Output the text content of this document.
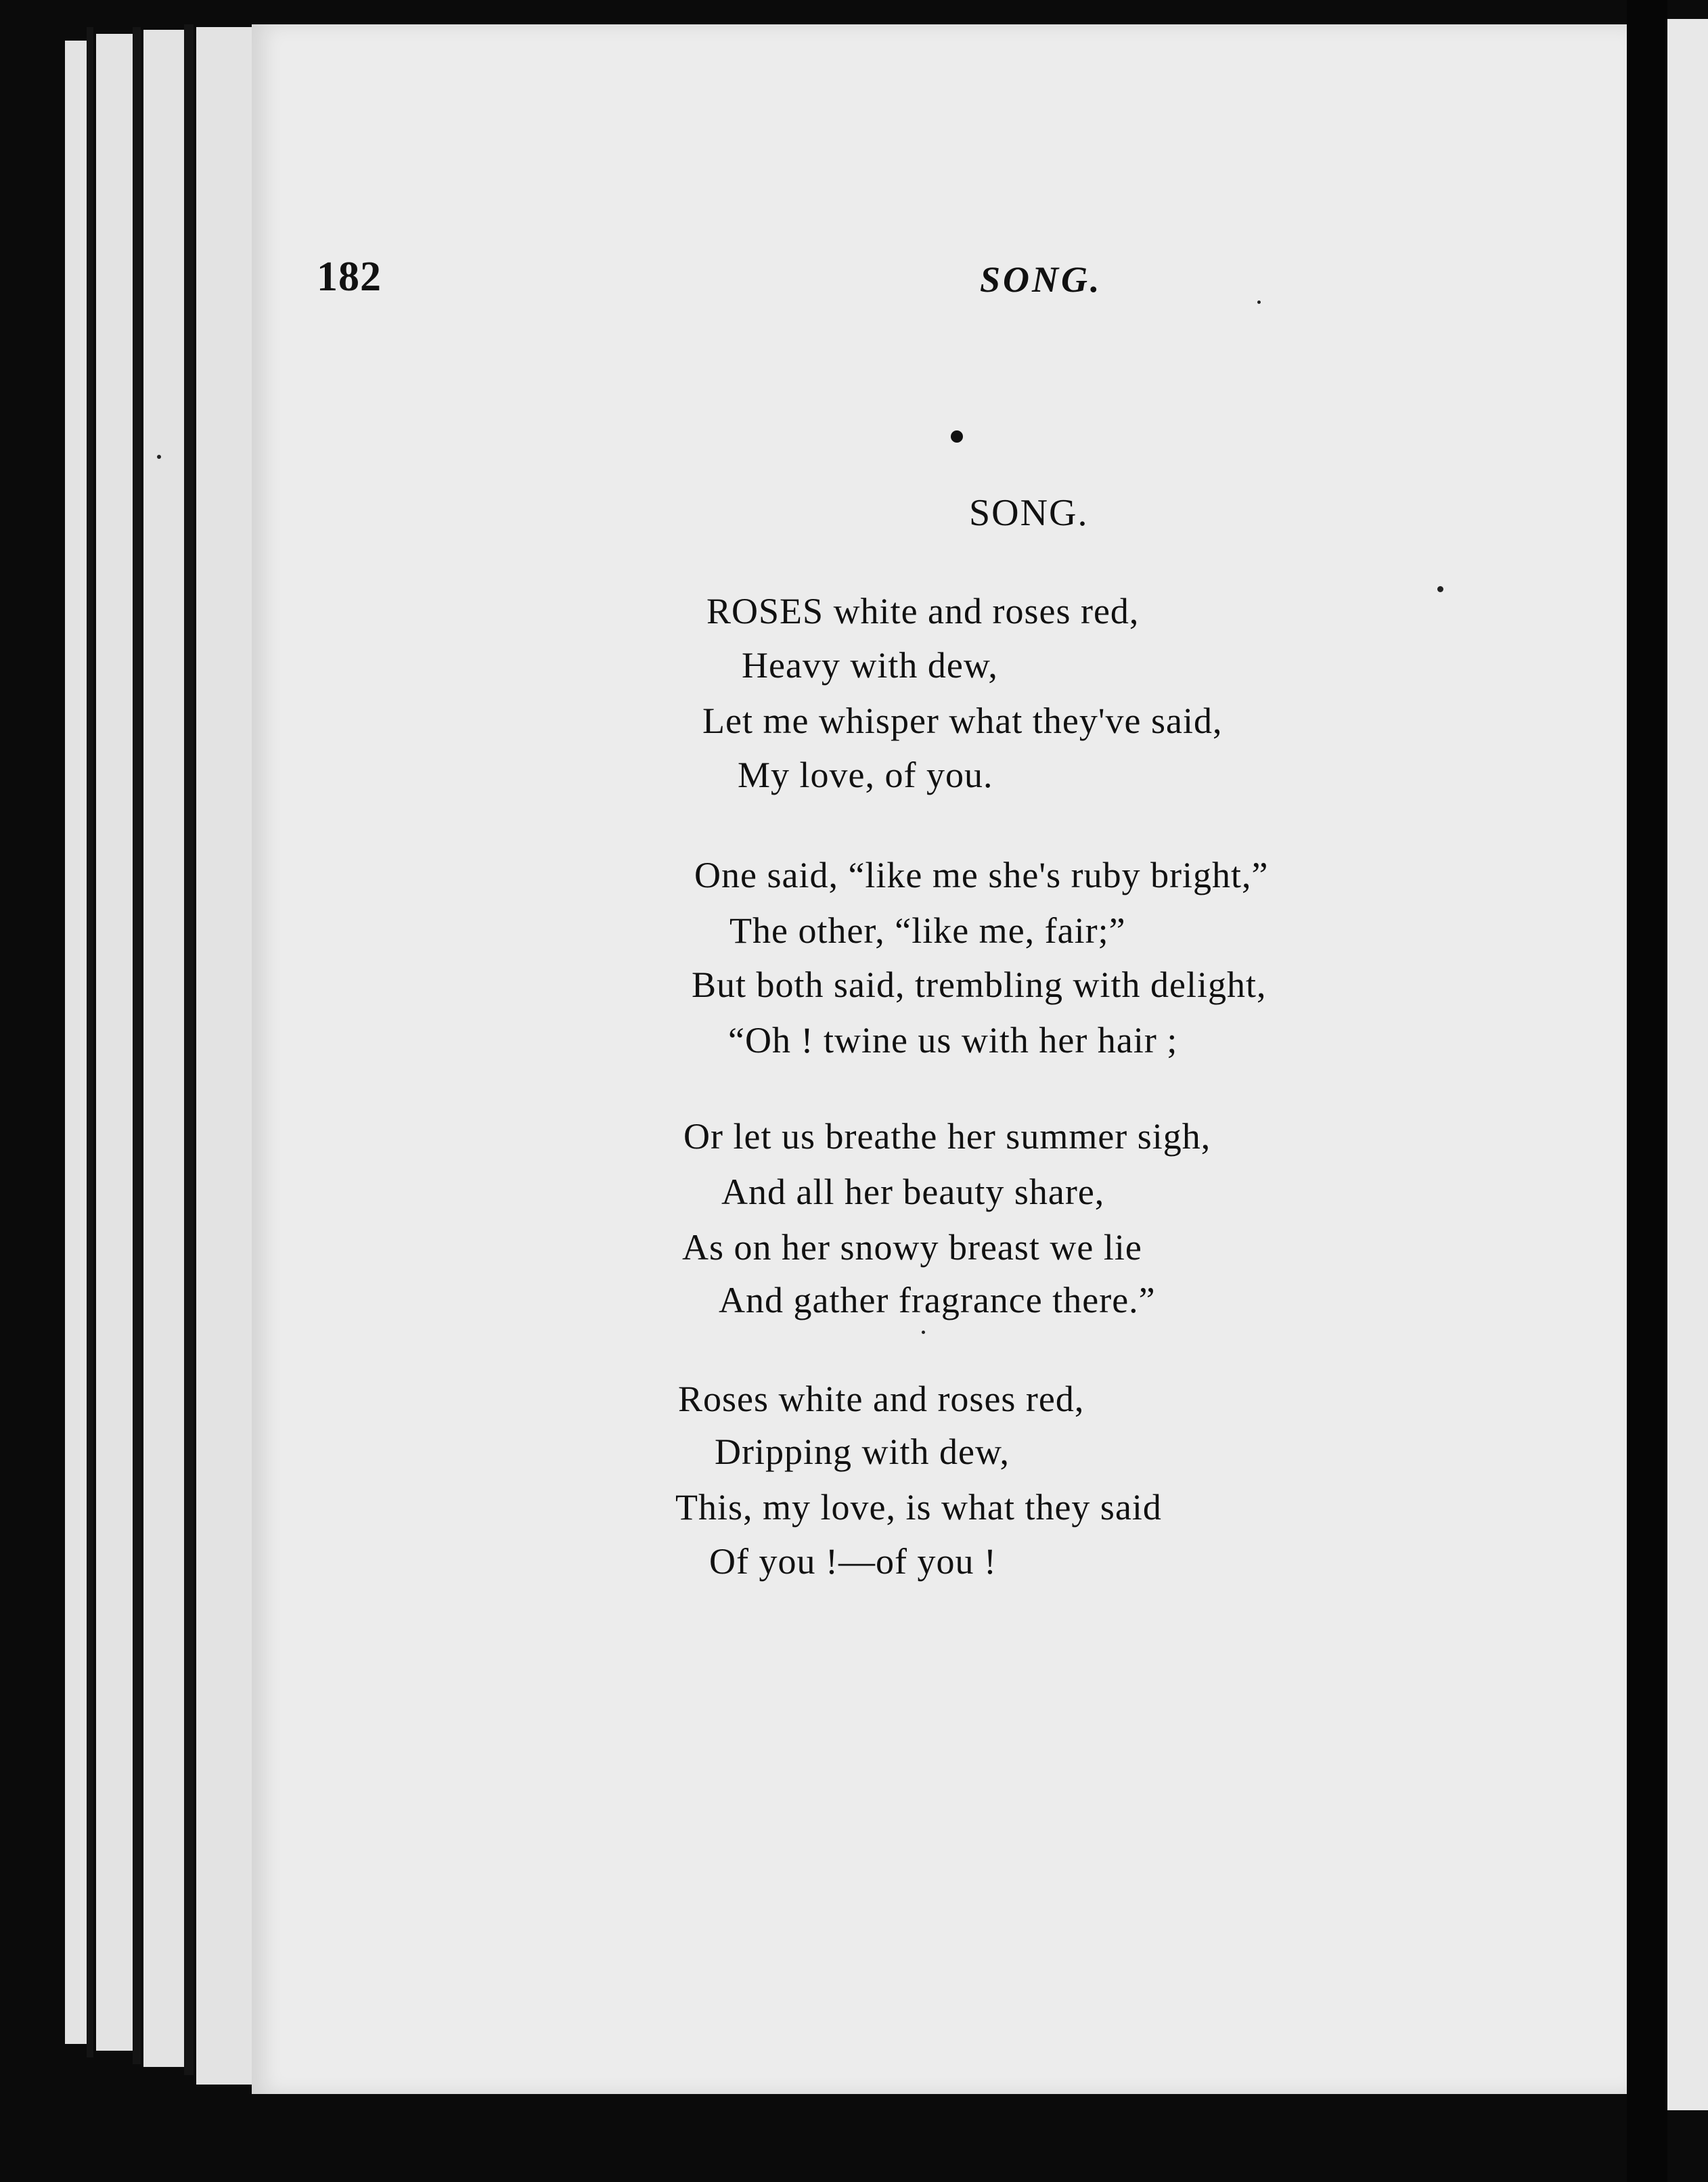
182	SONG.
SONG.
ROSES white and roses red,
Heavy with dew,
Let me whisper what they've said,
My love, of you.
One said, “like me she's ruby bright,”
The other, “like me, fair;”
But both said, trembling with delight,
“Oh ! twine us with her hair ;
Or let us breathe her summer sigh,
And all her beauty share,
As on her snowy breast we lie
And gather fragrance there.”
Roses white and roses red,
Dripping with dew,
This, my love, is what they said
Of you !—of you !
